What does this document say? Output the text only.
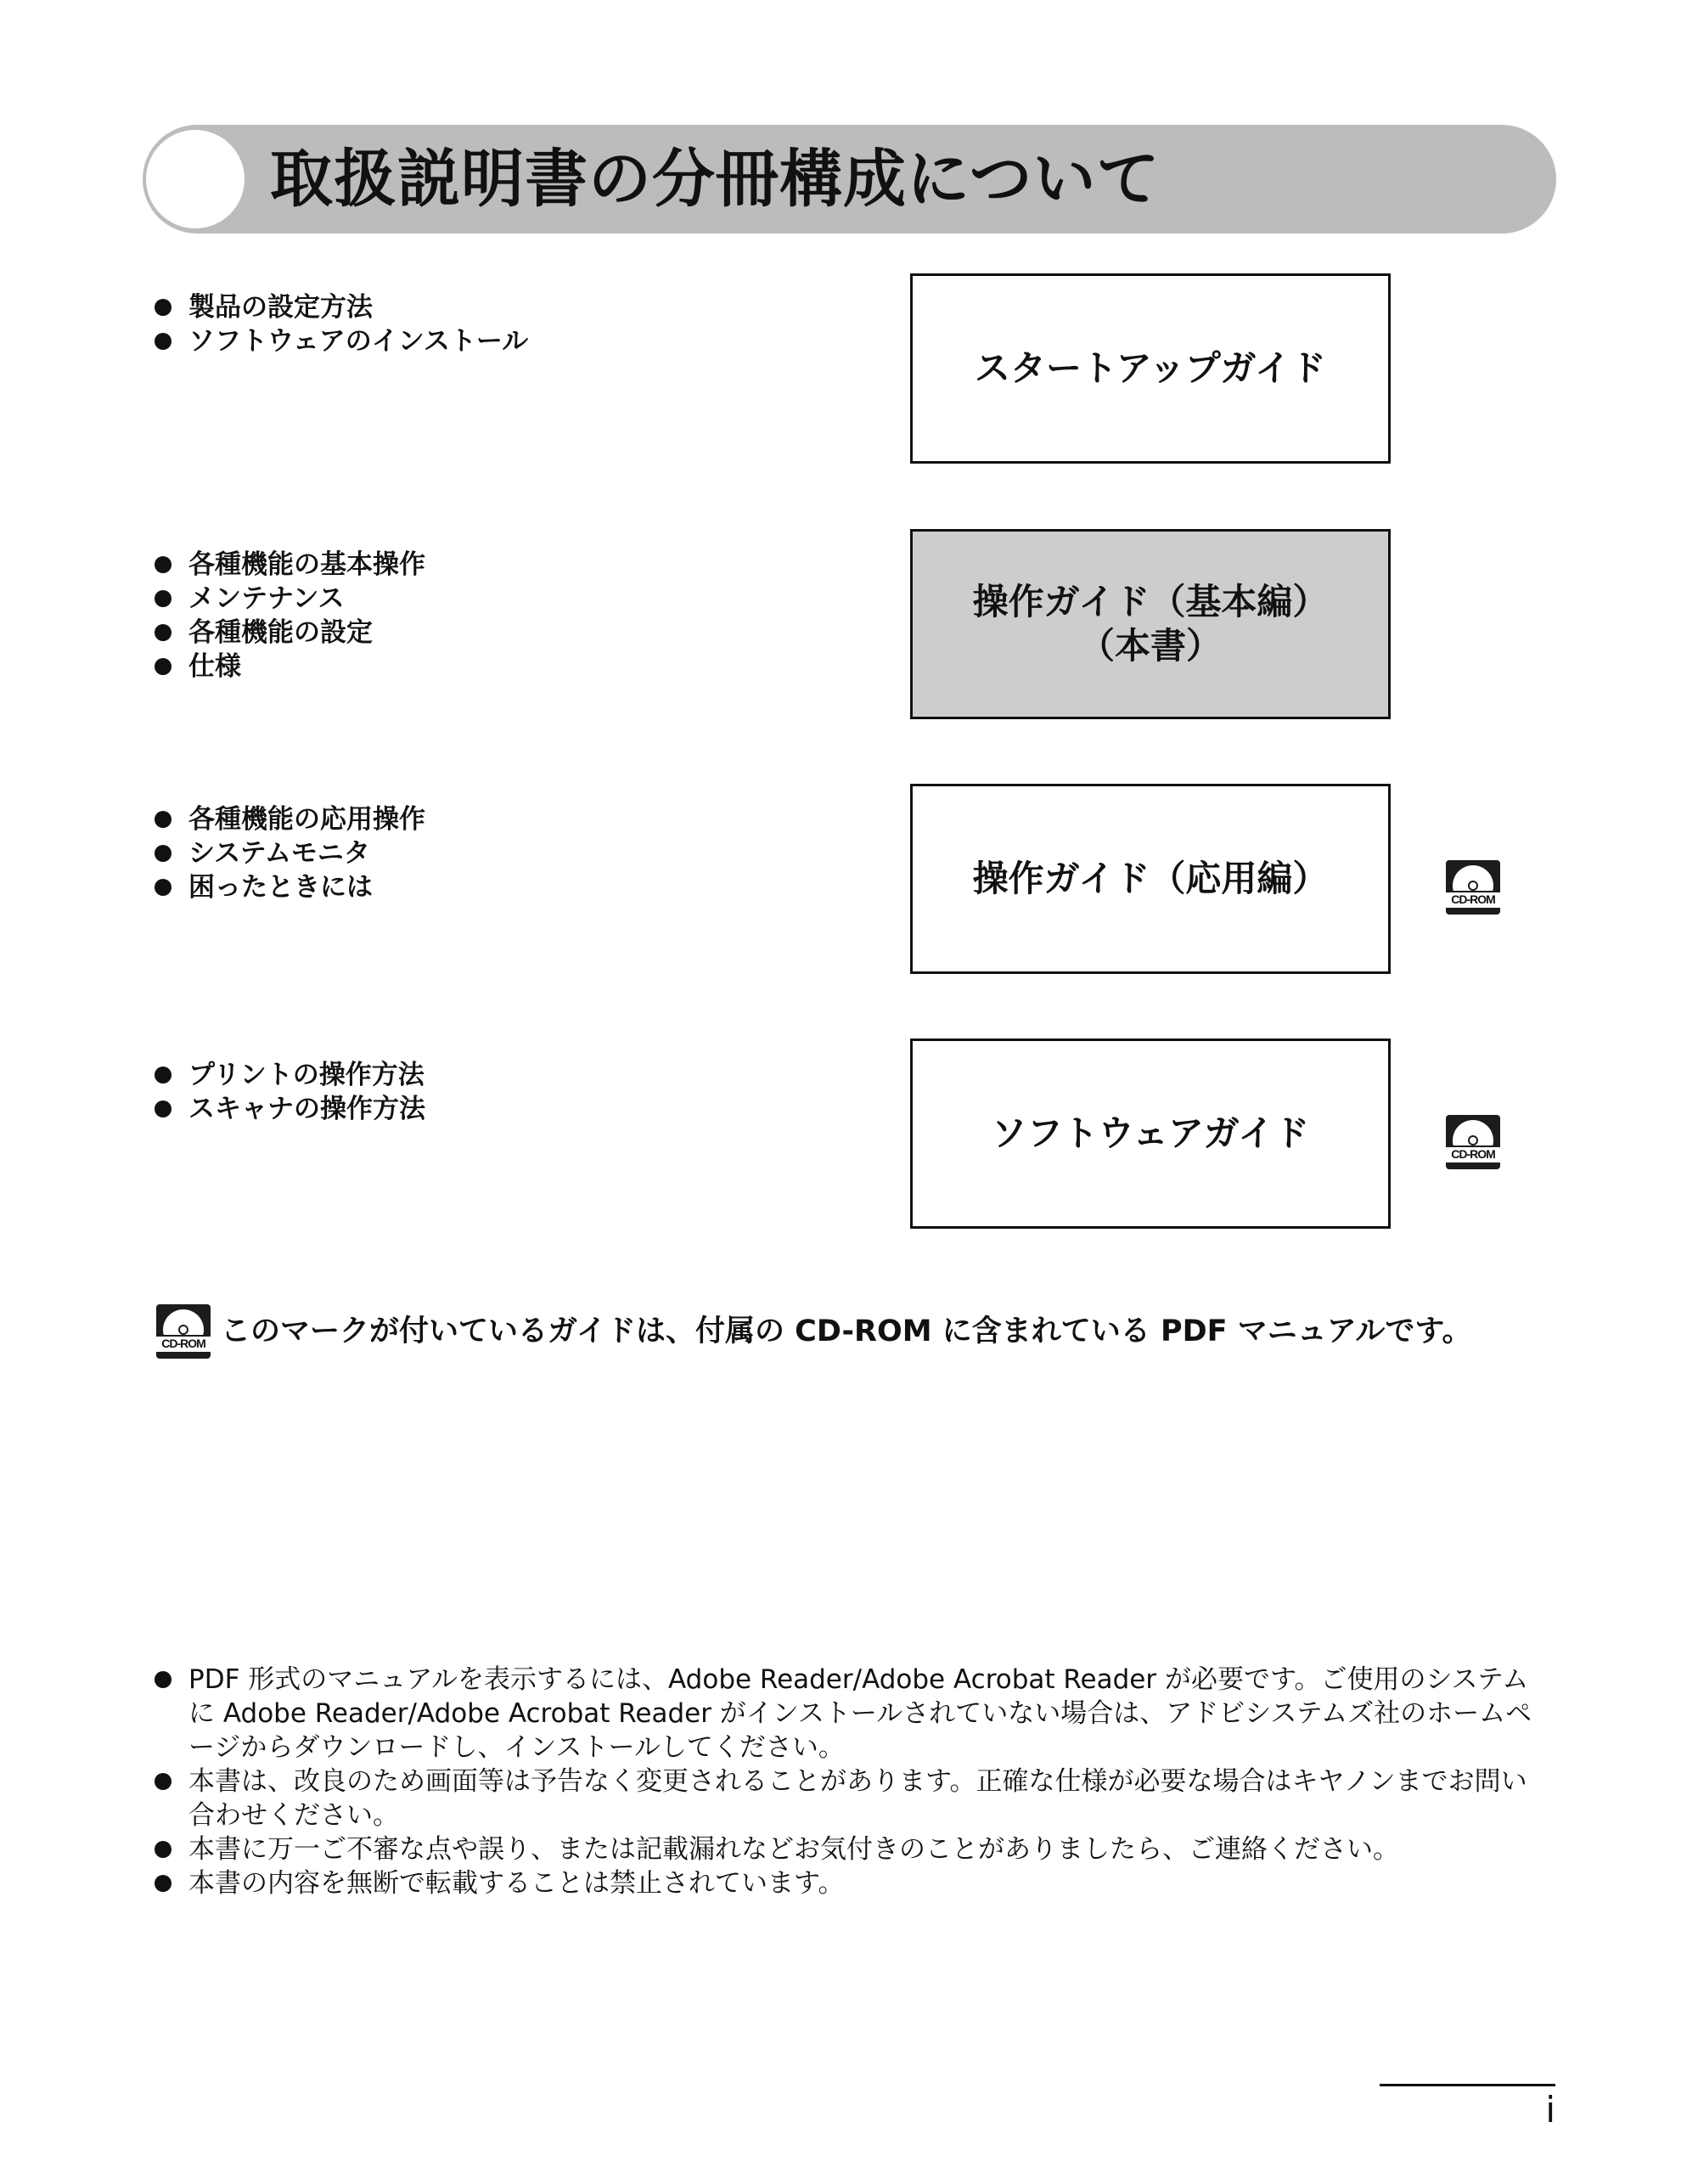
取扱説明書の分冊構成について
製品の設定方法
ソフトウェアのインストール
スタートアップガイド
各種機能の基本操作
メンテナンス
各種機能の設定
仕様
操作ガイド（基本編）
（本書）
各種機能の応用操作
システムモニタ
困ったときには	操作ガイド（応用編）	CD-ROM
プリントの操作方法
スキャナの操作方法
ソフトウェアガイド	CD-ROM
CD-ROM このマークが付いているガイドは、付属の CD-ROM に含まれている PDF マニュアルです。
PDF 形式のマニュアルを表示するには、Adobe Reader/Adobe Acrobat Reader が必要です。ご使用のシステムに Adobe Reader/Adobe Acrobat Reader がインストールされていない場合は、アドビシステムズ社のホームページからダウンロードし、インストールしてください。
本書は、改良のため画面等は予告なく変更されることがあります。正確な仕様が必要な場合はキヤノンまでお問い合わせください。
本書に万一ご不審な点や誤り、または記載漏れなどお気付きのことがありましたら、ご連絡ください。
本書の内容を無断で転載することは禁止されています。
i
